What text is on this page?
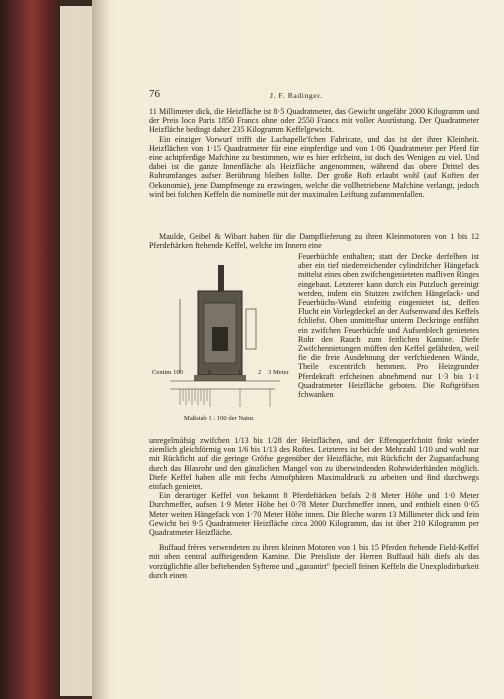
76	J. F. Radinger.

11 Millimeter dick, die Heizfläche ist 8·5 Quadratmeter, das Gewicht ungefähr 2000 Kilogramm und der Preis loco Paris 1850 Francs ohne oder 2550 Francs mit voller Ausrüstung. Der Quadratmeter Heizfläche bedingt daher 235 Kilogramm Keffelgewicht.

Ein einziger Vorwurf trifft die Lachapelle'fchen Fabricate, und das ist der ihrer Kleinheit. Heizflächen von 1·15 Quadratmeter für eine einpferdige und von 1·06 Quadratmeter per Pferd für eine achtpferdige Mafchine zu bestimmen, wie es hier erfcheint, ist doch des Wenigen zu viel. Und dabei ist die ganze Innenfläche als Heizfläche angenommen, während das obere Drittel des Rohrumfanges aufser Berührung bleiben follte. Der große Roft erlaubt wohl (auf Koften der Oekonomie), jene Dampfmenge zu erzwingen, welche die vollbetriebene Mafchine verlangt, jedoch wird bei folchen Keffeln die nominelle mit der maximalen Leiftung zufammenfallen.

Maulde, Geibel & Wibart haben für die Dampflieferung zu ihren Kleinmotoren von 1 bis 12 Pferdeftärken ftehende Keffel, welche im Innern eine

Feuerbüchfe enthalten; statt der Decke derfelben ist aber ein tief niederreichender cylindrifcher Hängefack mittelst eines oben zwifchengenieteten mafliven Ringes eingebaut. Letzterer kann durch ein Putzloch gereinigt werden, indem ein Stutzen zwifchen Hängefack- und Feuerbüchs-Wand einfeitig eingenietet ist, deffen Flucht ein Vorlegdeckel an der Aufsenwand des Keffels fchliefst. Oben unmittelbar unterm Deckringe entführt ein zwifchen Feuerbüchfe und Aufsenblech genietetes Rohr den Rauch zum feitlichen Kamine. Diefe Zwifchennietungen müffen den Keffel gefährden, weil fie die freie Ausdehnung der verfchiedenen Wände, Theile excentrifch hemmen. Pro Heizgrunder Pferdekraft erfcheinen abnehmend nur 1·3 bis 1·1 Quadratmeter Heizfläche geboten. Die Roftgröfsen fchwanken

Centim 100	0	1	2 3 Meter
Maßstab 1 : 100 der Natur.

unregelmäfsig zwifchen 1/13 bis 1/28 der Heizflächen, und der Effenquerfchnitt finkt wieder ziemlich gleichförmig von 1/6 bis 1/13 des Roftes. Letzteres ist bei der Mehrzahl 1/10 und wohl nur mit Rückficht auf die geringe Gröfse gegenüber der Heizfläche, mit Rückficht der Zugsanfachung durch das Blasrohr und den gänzlichen Mangel von zu überwindenden Rohrwiderftänden möglich. Diefe Keffel haben alle mit fechs Atmofphären Maximaldruck zu arbeiten und find durchwegs einfach genietet.

Ein derartiger Keffel von bekannt 8 Pferdeftärken befafs 2·8 Meter Höhe und 1·0 Meter Durchmeffer, aufsen 1·9 Meter Höhe bei 0·78 Meter Durchmeffer innen, und enthielt einen 0·65 Meter weiten Hängefack von 1·70 Meter Höhe innen. Die Bleche waren 13 Millimeter dick und fein Gewicht bei 9·5 Quadratmeter Heizfläche circa 2000 Kilogramm, das ist über 210 Kilogramm per Quadratmeter Heizfläche.

Buffaud frères verwendeten zu ihren kleinen Motoren von 1 bis 15 Pferden ftehende Field-Keffel mit oben central auffteigendem Kamine. Die Preisliste der Herren Buffaud hält diefs als das vorzüglichfte aller beftehenden Syfteme und „garantirt" fpeciell feinen Keffeln die Unexplodirbarkeit durch einen
